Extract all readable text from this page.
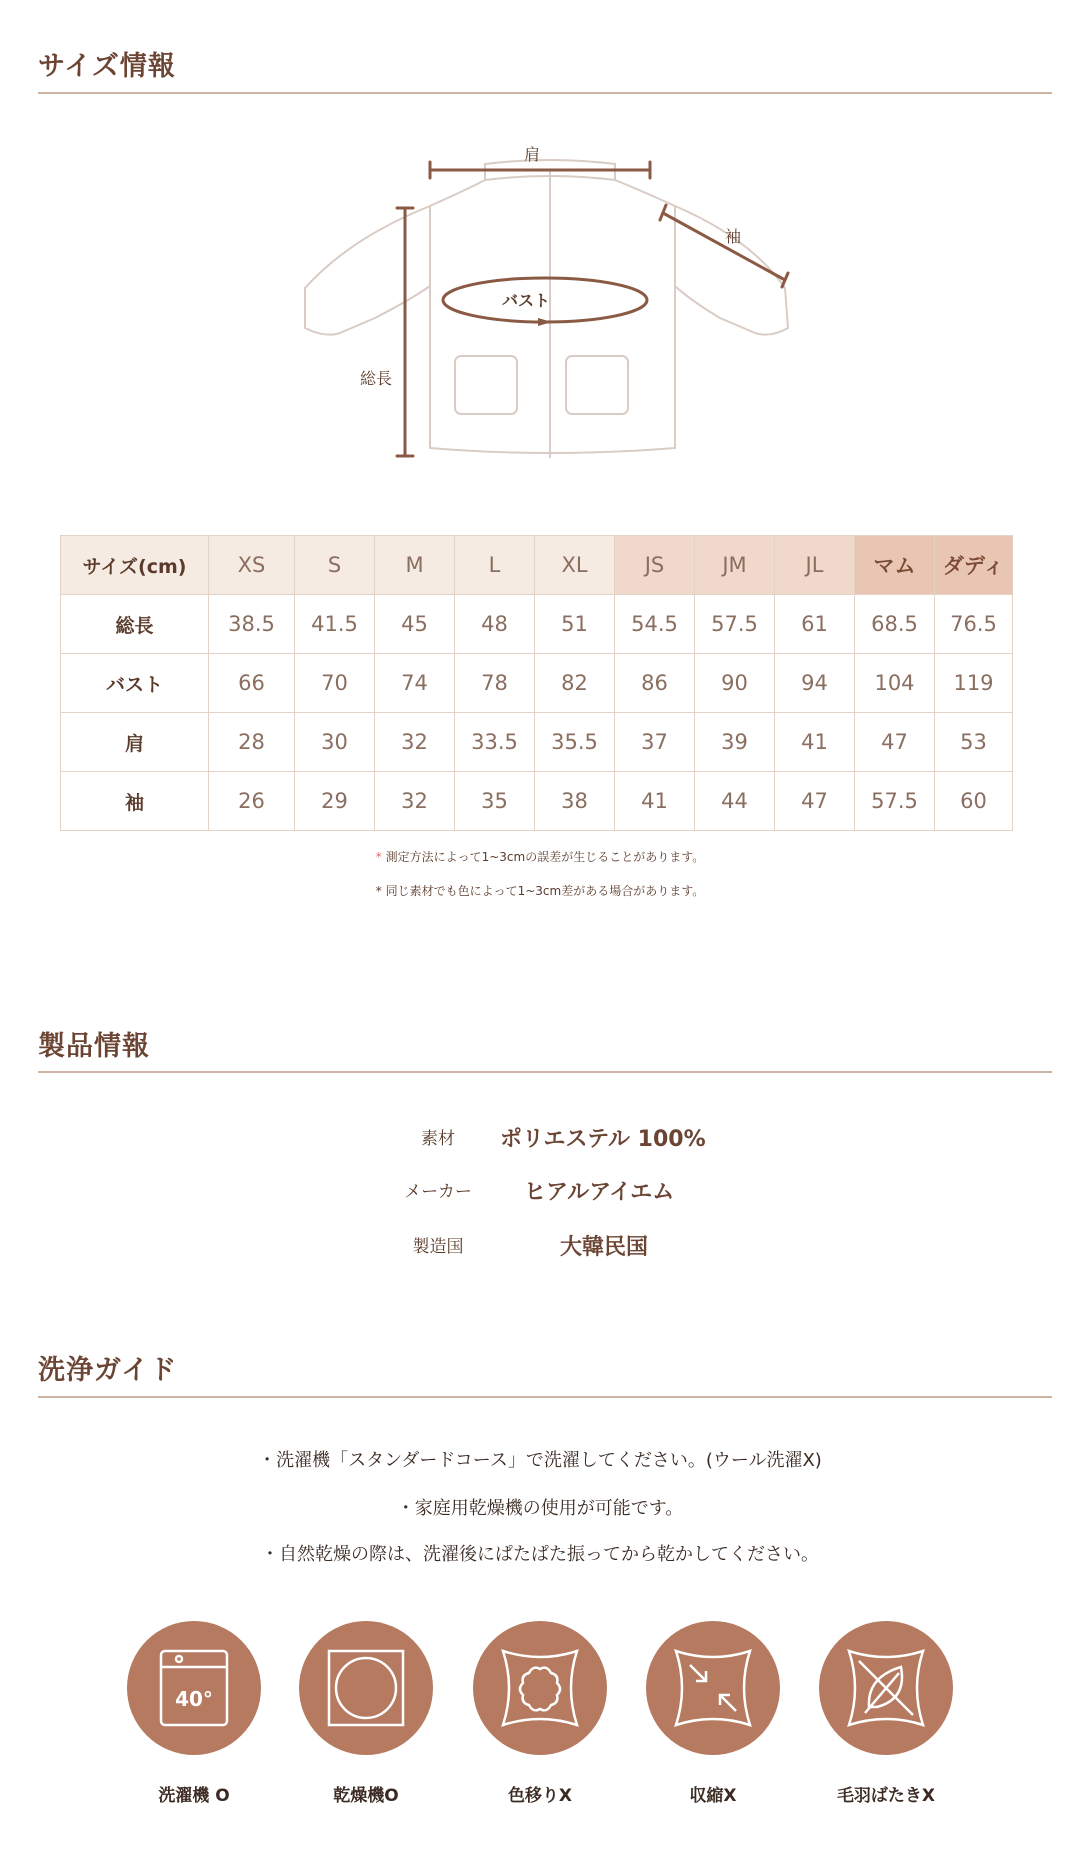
サイズ情報
肩
袖
バスト
総長
サイズ(cm)	XS	S	M	L	XL	JS	JM	JL	マム	ダディ
総長	38.5	41.5	45	48	51	54.5	57.5	61	68.5	76.5
バスト	66	70	74	78	82	86	90	94	104	119
肩	28	30	32	33.5	35.5	37	39	41	47	53
袖	26	29	32	35	38	41	44	47	57.5	60
* 測定方法によって1~3cmの誤差が生じることがあります。
* 同じ素材でも色によって1~3cm差がある場合があります。
製品情報
素材	ポリエステル 100%
メーカー	ヒアルアイエム
製造国	大韓民国
洗浄ガイド
・洗濯機「スタンダードコース」で洗濯してください。(ウール洗濯X)
・家庭用乾燥機の使用が可能です。
・自然乾燥の際は、洗濯後にぱたぱた振ってから乾かしてください。
40°
洗濯機 O	乾燥機O	色移りX	収縮X	毛羽ばたきX
